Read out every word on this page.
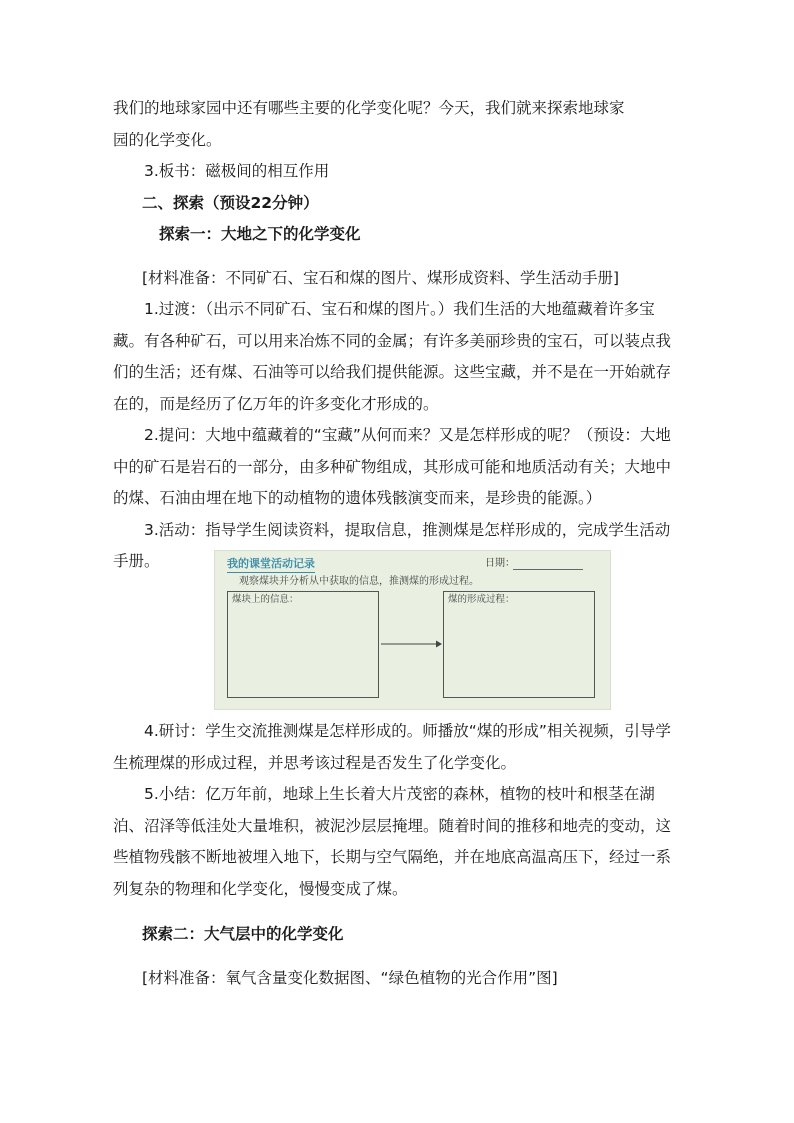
我们的地球家园中还有哪些主要的化学变化呢？今天，我们就来探索地球家

园的化学变化。

3.板书：磁极间的相互作用

二、探索（预设22分钟）

探索一：大地之下的化学变化

[材料准备：不同矿石、宝石和煤的图片、煤形成资料、学生活动手册]

1.过渡：（出示不同矿石、宝石和煤的图片。）我们生活的大地蕴藏着许多宝藏。有各种矿石，可以用来冶炼不同的金属；有许多美丽珍贵的宝石，可以装点我们的生活；还有煤、石油等可以给我们提供能源。这些宝藏，并不是在一开始就存在的，而是经历了亿万年的许多变化才形成的。

2.提问：大地中蕴藏着的“宝藏”从何而来？又是怎样形成的呢？（预设：大地中的矿石是岩石的一部分，由多种矿物组成，其形成可能和地质活动有关；大地中的煤、石油由埋在地下的动植物的遗体残骸演变而来，是珍贵的能源。）

3.活动：指导学生阅读资料，提取信息，推测煤是怎样形成的，完成学生活动

手册。	我的课堂活动记录	日期：
观察煤块并分析从中获取的信息，推测煤的形成过程。
煤块上的信息：	煤的形成过程：

4.研讨：学生交流推测煤是怎样形成的。师播放“煤的形成”相关视频，引导学生梳理煤的形成过程，并思考该过程是否发生了化学变化。

5.小结：亿万年前，地球上生长着大片茂密的森林，植物的枝叶和根茎在湖泊、沼泽等低洼处大量堆积，被泥沙层层掩埋。随着时间的推移和地壳的变动，这些植物残骸不断地被埋入地下，长期与空气隔绝，并在地底高温高压下，经过一系列复杂的物理和化学变化，慢慢变成了煤。

探索二：大气层中的化学变化

[材料准备：氧气含量变化数据图、“绿色植物的光合作用”图]
